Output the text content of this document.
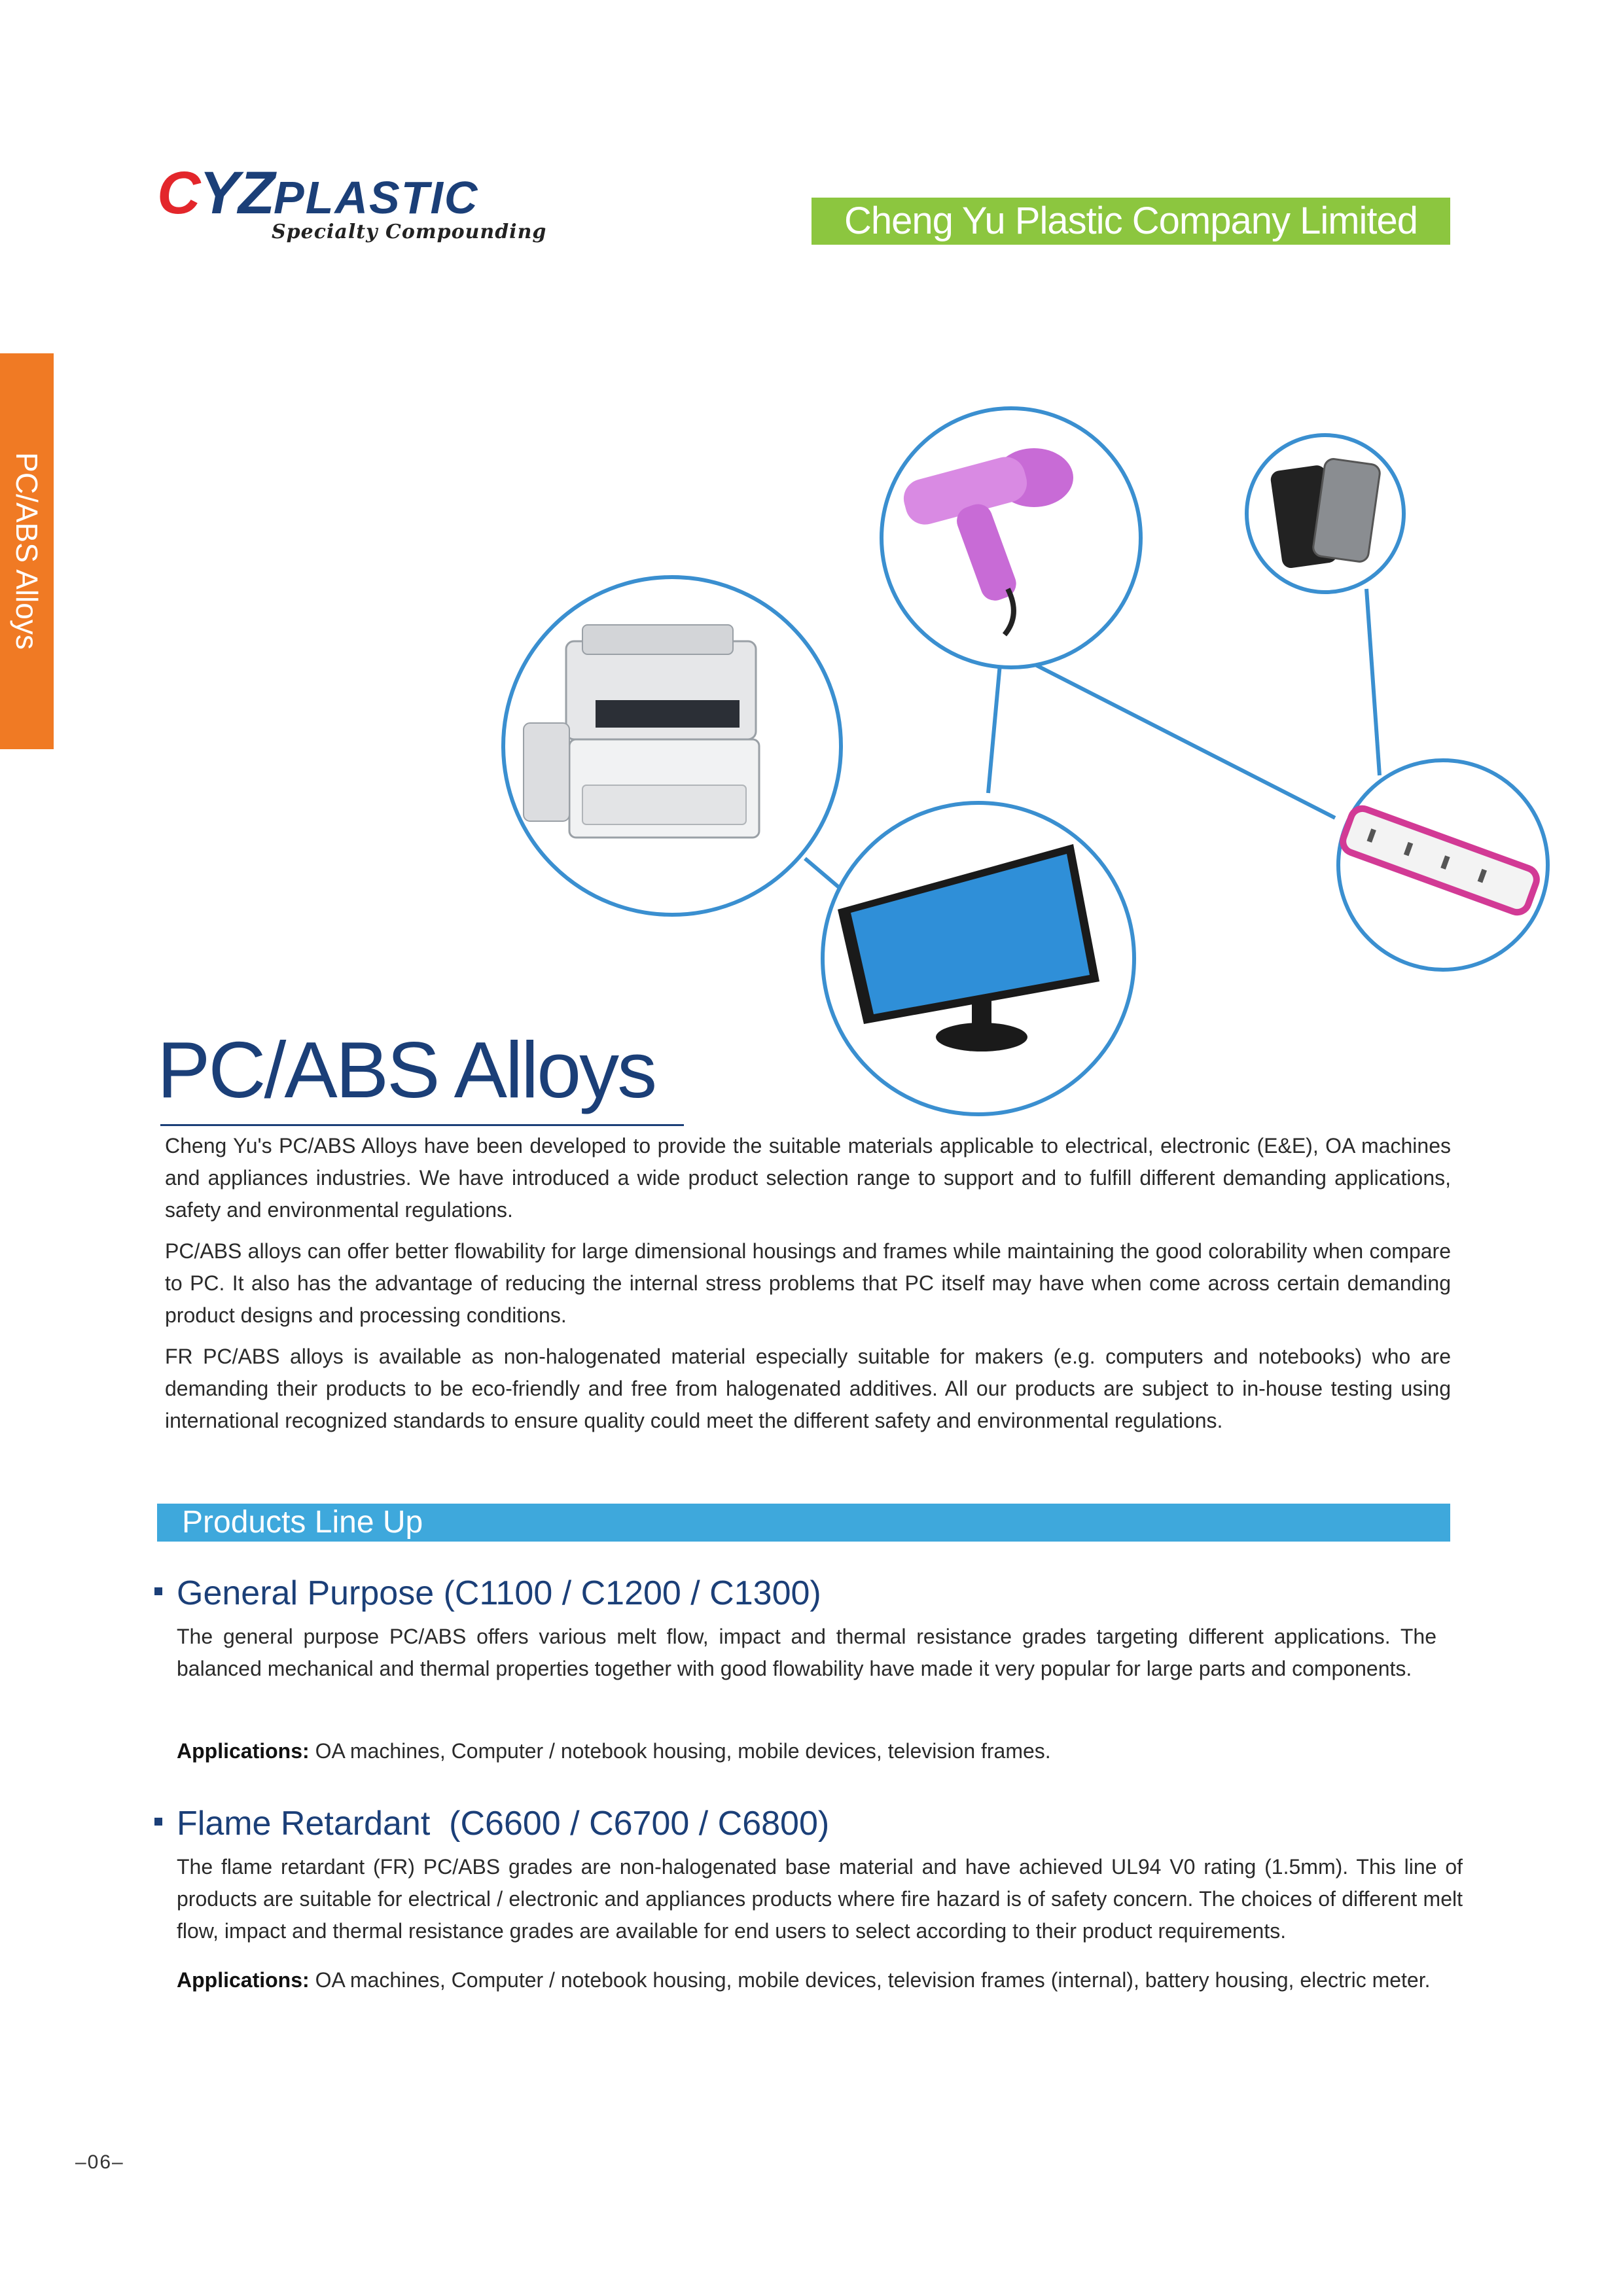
CYZPLASTIC
Specialty Compounding	Cheng Yu Plastic Company Limited
PC/ABS Alloys
PC/ABS Alloys
Cheng Yu's PC/ABS Alloys have been developed to provide the suitable materials applicable to electrical, electronic (E&E), OA machines and appliances industries. We have introduced a wide product selection range to support and to fulfill different demanding applications, safety and environmental regulations.
PC/ABS alloys can offer better flowability for large dimensional housings and frames while maintaining the good colorability when compare to PC. It also has the advantage of reducing the internal stress problems that PC itself may have when come across certain demanding product designs and processing conditions.
FR PC/ABS alloys is available as non-halogenated material especially suitable for makers (e.g. computers and notebooks) who are demanding their products to be eco-friendly and free from halogenated additives. All our products are subject to in-house testing using international recognized standards to ensure quality could meet the different safety and environmental regulations.
Products Line Up
General Purpose (C1100 / C1200 / C1300)
The general purpose PC/ABS offers various melt flow, impact and thermal resistance grades targeting different applications. The balanced mechanical and thermal properties together with good flowability have made it very popular for large parts and components.
Applications: OA machines, Computer / notebook housing, mobile devices, television frames.
Flame Retardant  (C6600 / C6700 / C6800)
The flame retardant (FR) PC/ABS grades are non-halogenated base material and have achieved UL94 V0 rating (1.5mm). This line of products are suitable for electrical / electronic and appliances products where fire hazard is of safety concern. The choices of different melt flow, impact and thermal resistance grades are available for end users to select according to their product requirements.
Applications: OA machines, Computer / notebook housing, mobile devices, television frames (internal), battery housing, electric meter.
–06–
